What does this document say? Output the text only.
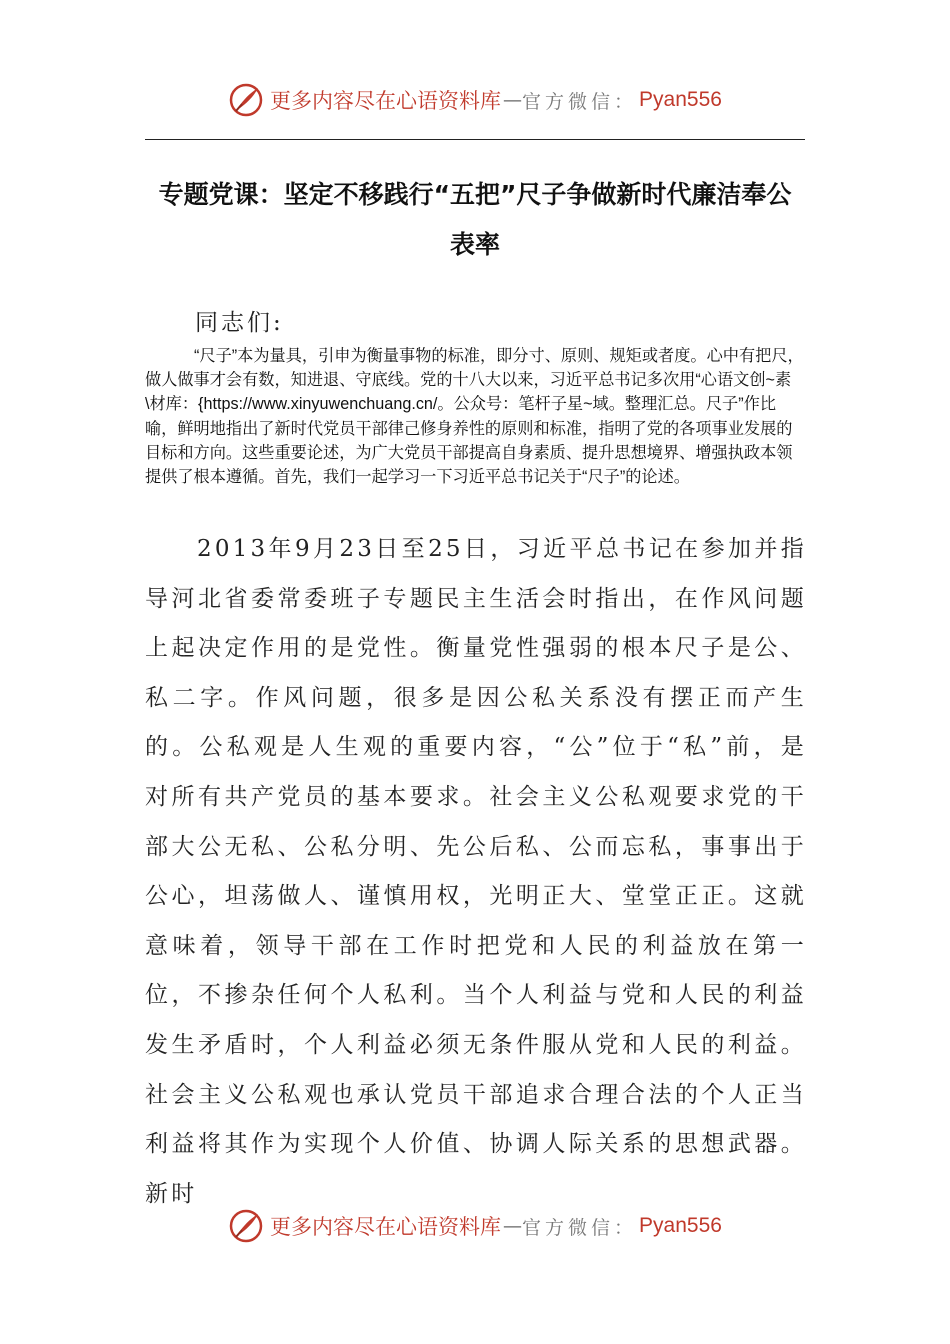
更多内容尽在心语资料库 — 官方微信： Pyan556
专题党课：坚定不移践行“五把”尺子争做新时代廉洁奉公表率
同志们:
“尺子”本为量具，引申为衡量事物的标准，即分寸、原则、规矩或者度。心中有把尺，做人做事才会有数，知进退、守底线。党的十八大以来，习近平总书记多次用“心语文创~素\材库：{https://www.xinyuwenchuang.cn/。公众号：笔杆子星~域。整理汇总。尺子”作比喻，鲜明地指出了新时代党员干部律己修身养性的原则和标准，指明了党的各项事业发展的目标和方向。这些重要论述，为广大党员干部提高自身素质、提升思想境界、增强执政本领提供了根本遵循。首先，我们一起学习一下习近平总书记关于“尺子”的论述。
2013年9月23日至25日，习近平总书记在参加并指导河北省委常委班子专题民主生活会时指出，在作风问题上起决定作用的是党性。衡量党性强弱的根本尺子是公、私二字。作风问题，很多是因公私关系没有摆正而产生的。公私观是人生观的重要内容，“公”位于“私”前，是对所有共产党员的基本要求。社会主义公私观要求党的干部大公无私、公私分明、先公后私、公而忘私，事事出于公心，坦荡做人、谨慎用权，光明正大、堂堂正正。这就意味着，领导干部在工作时把党和人民的利益放在第一位，不掺杂任何个人私利。当个人利益与党和人民的利益发生矛盾时，个人利益必须无条件服从党和人民的利益。社会主义公私观也承认党员干部追求合理合法的个人正当利益将其作为实现个人价值、协调人际关系的思想武器。新时
更多内容尽在心语资料库 — 官方微信： Pyan556
